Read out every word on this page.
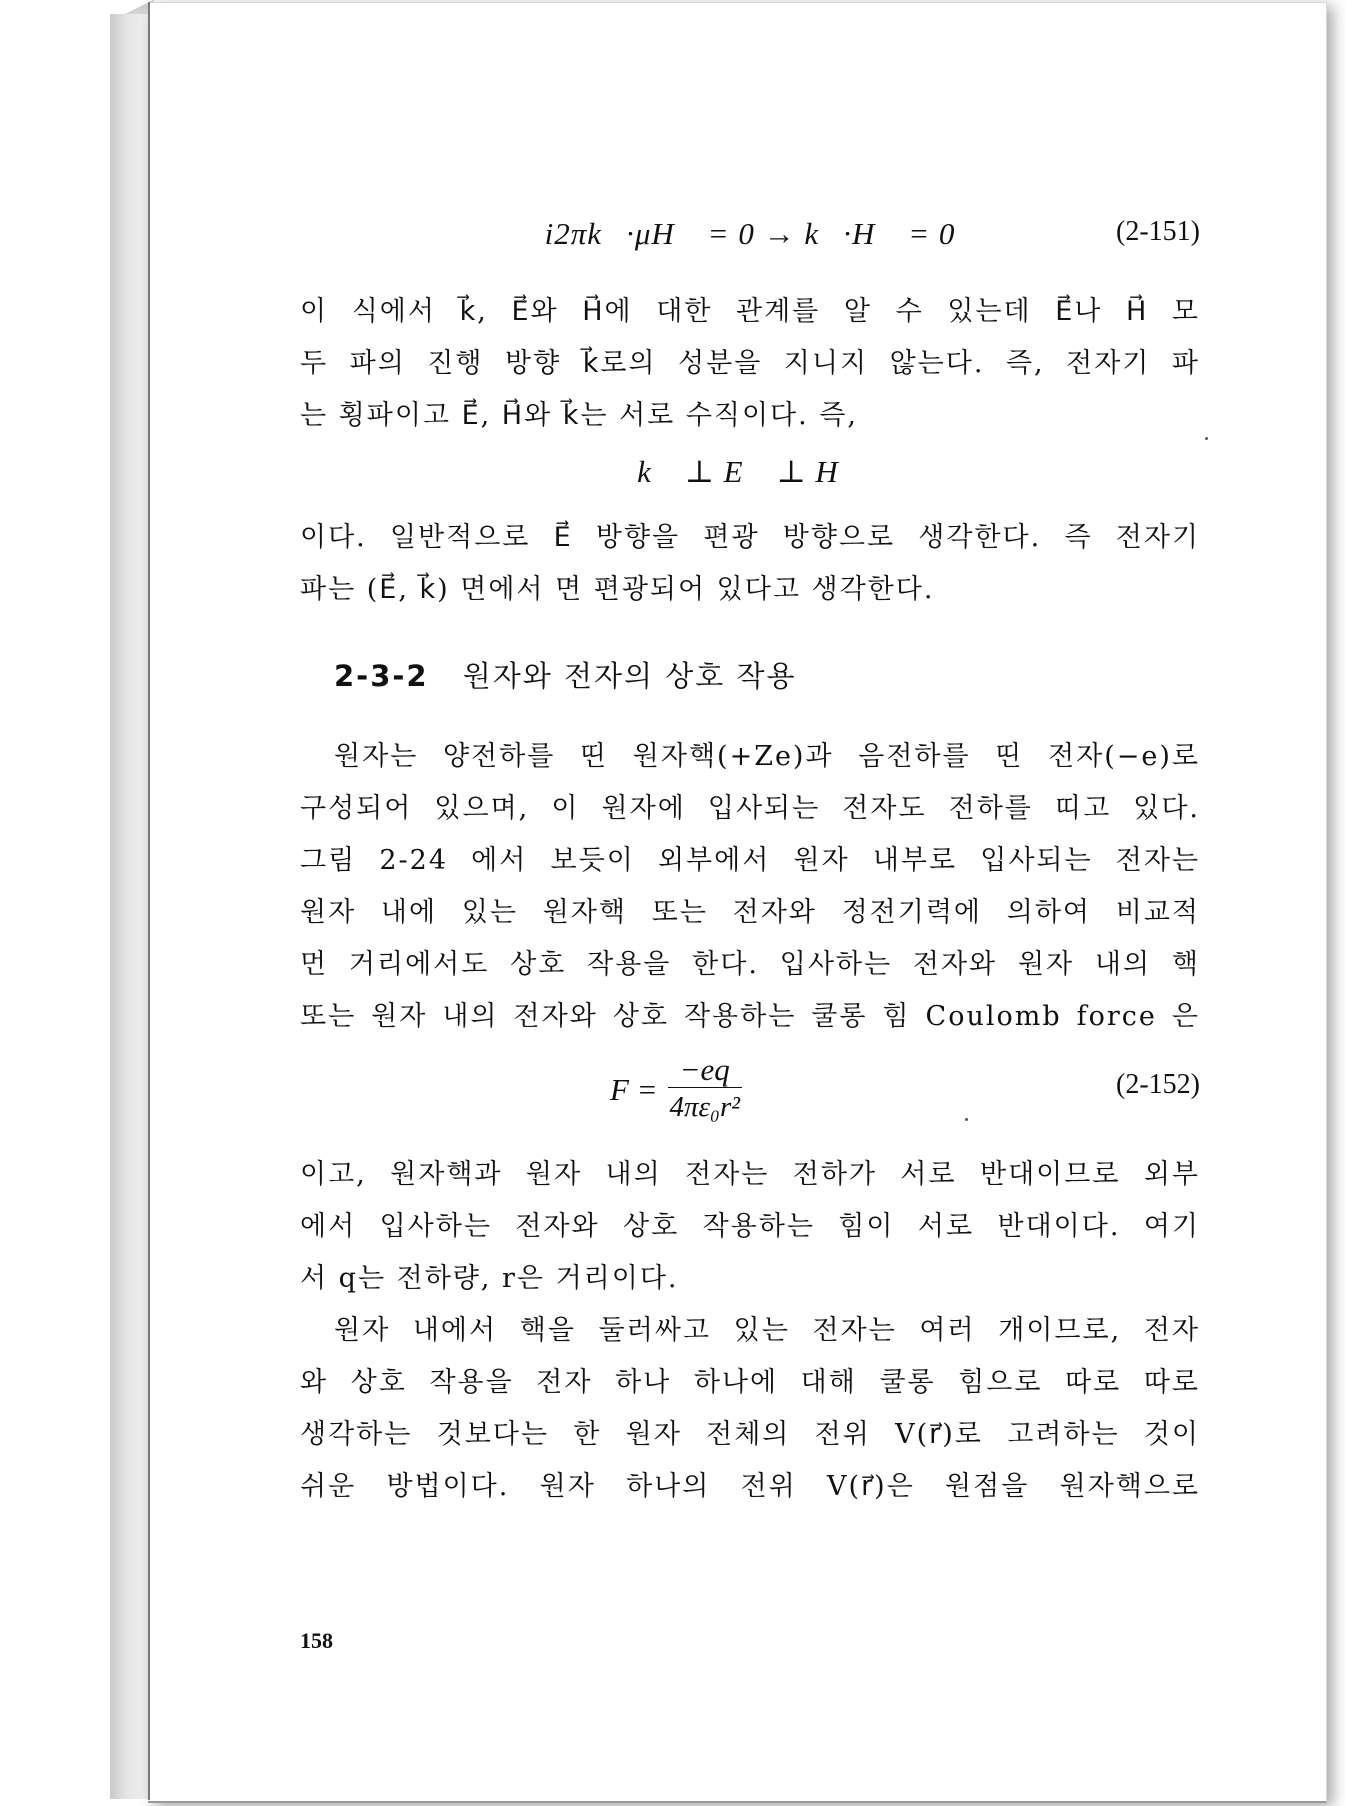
i2πk⃗·μH⃗ = 0 → k⃗·H⃗ = 0	(2-151)

이 식에서 k⃗, E⃗와 H⃗에 대한 관계를 알 수 있는데 E⃗나 H⃗ 모

두 파의 진행 방향 k⃗로의 성분을 지니지 않는다. 즉, 전자기 파

는 횡파이고 E⃗, H⃗와 k⃗는 서로 수직이다. 즉,

k⃗ ⊥ E⃗ ⊥ H⃗

이다. 일반적으로 E⃗ 방향을 편광 방향으로 생각한다. 즉 전자기

파는 (E⃗, k⃗) 면에서 면 편광되어 있다고 생각한다.

2-3-2 원자와 전자의 상호 작용

원자는 양전하를 띤 원자핵(+Ze)과 음전하를 띤 전자(−e)로

구성되어 있으며, 이 원자에 입사되는 전자도 전하를 띠고 있다.

그림 2-24 에서 보듯이 외부에서 원자 내부로 입사되는 전자는

원자 내에 있는 원자핵 또는 전자와 정전기력에 의하여 비교적

먼 거리에서도 상호 작용을 한다. 입사하는 전자와 원자 내의 핵

또는 원자 내의 전자와 상호 작용하는 쿨롱 힘 Coulomb force 은

$F = \frac{-eq}{\text{4πε₀r²}}$	(2-152)

이고, 원자핵과 원자 내의 전자는 전하가 서로 반대이므로 외부

에서 입사하는 전자와 상호 작용하는 힘이 서로 반대이다. 여기

서 q는 전하량, r은 거리이다.

원자 내에서 핵을 둘러싸고 있는 전자는 여러 개이므로, 전자

와 상호 작용을 전자 하나 하나에 대해 쿨롱 힘으로 따로 따로

생각하는 것보다는 한 원자 전체의 전위 V(r⃗)로 고려하는 것이

쉬운 방법이다. 원자 하나의 전위 V(r⃗)은 원점을 원자핵으로

158
